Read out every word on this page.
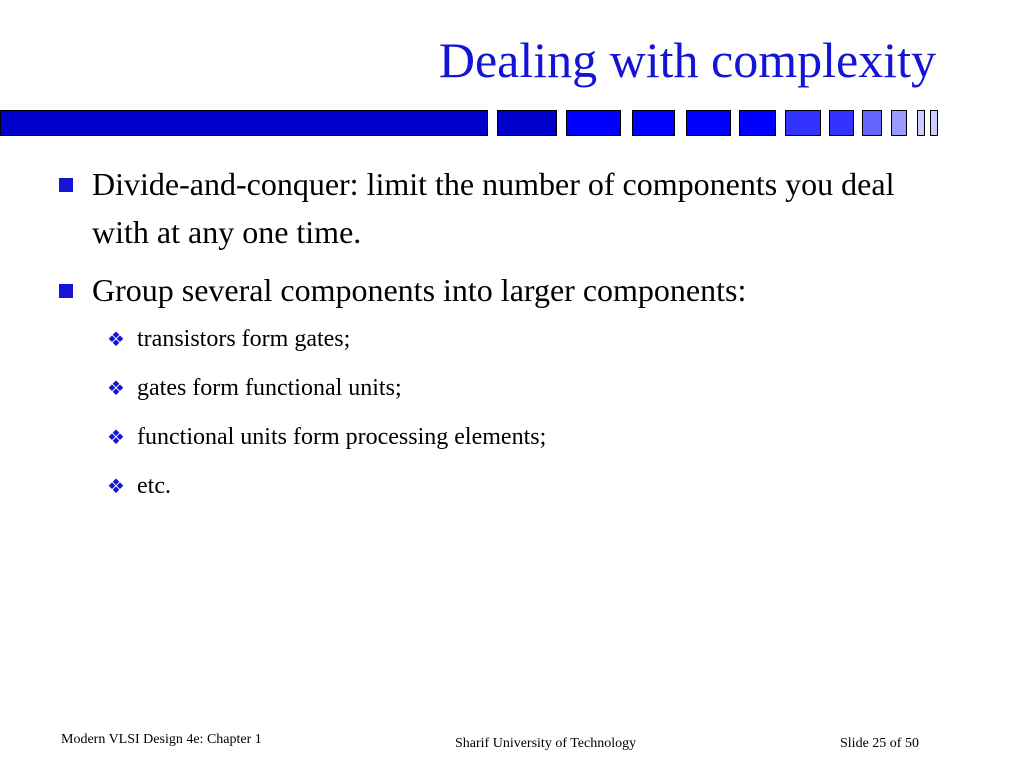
Dealing with complexity
Divide-and-conquer: limit the number of components you deal with at any one time.
Group several components into larger components:
❖ transistors form gates;
❖ gates form functional units;
❖ functional units form processing elements;
❖ etc.
Modern VLSI Design 4e: Chapter 1	Sharif University of Technology	Slide 25 of 50
